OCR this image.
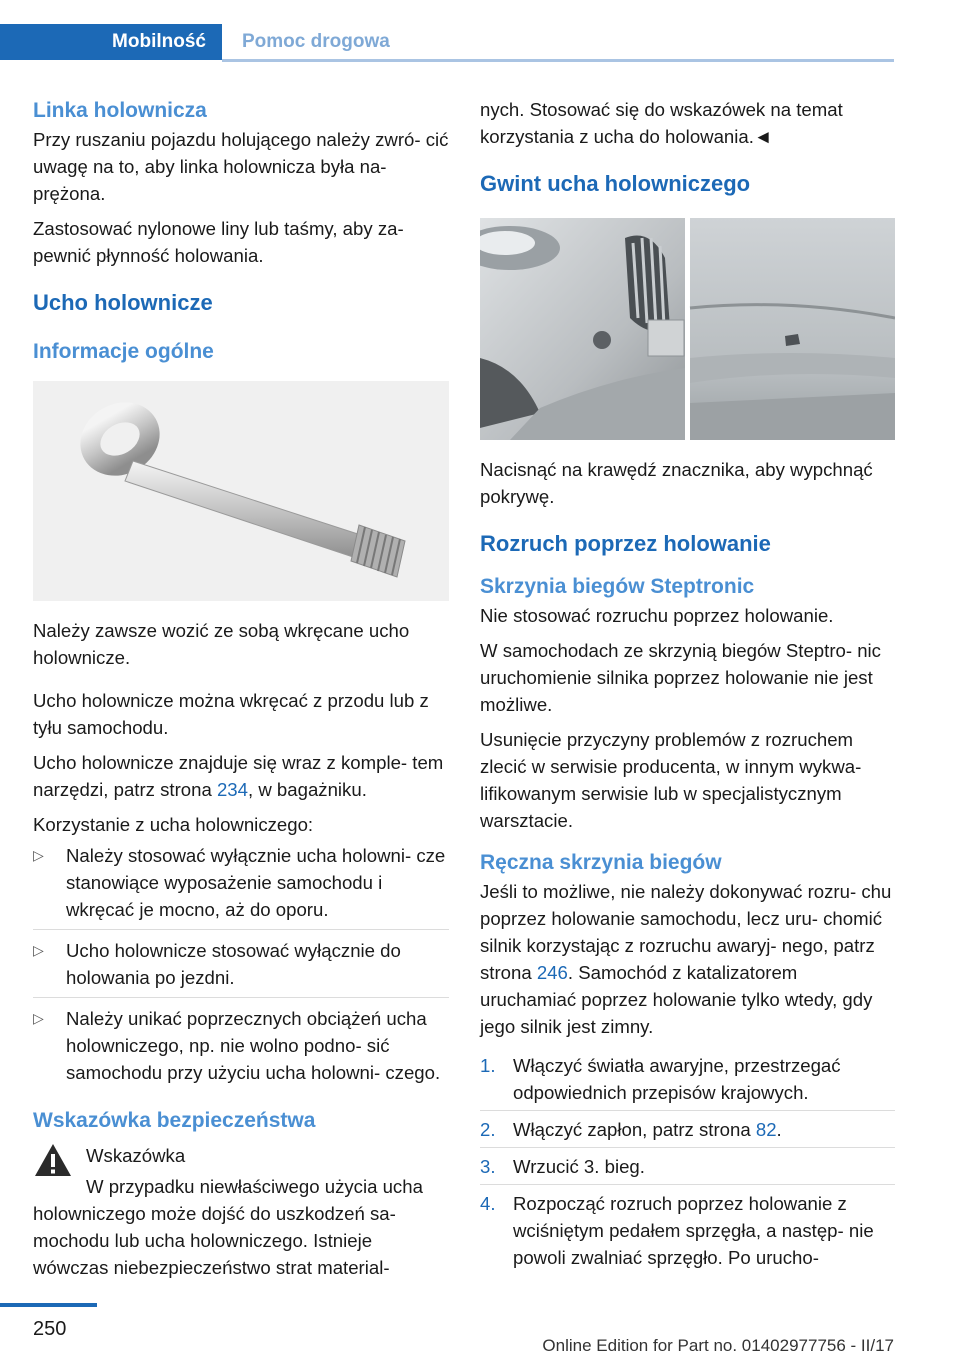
Mobilność	Pomoc drogowa
Linka holownicza

Przy ruszaniu pojazdu holującego należy zwró‐ cić uwagę na to, aby linka holownicza była na‐ prężona.

Zastosować nylonowe liny lub taśmy, aby za‐ pewnić płynność holowania.

Ucho holownicze
Informacje ogólne

Należy zawsze wozić ze sobą wkręcane ucho holownicze.

Ucho holownicze można wkręcać z przodu lub z tyłu samochodu.

Ucho holownicze znajduje się wraz z komple‐ tem narzędzi, patrz strona 234, w bagażniku.

Korzystanie z ucha holowniczego:

▷ Należy stosować wyłącznie ucha holowni‐ cze stanowiące wyposażenie samochodu i wkręcać je mocno, aż do oporu.
▷ Ucho holownicze stosować wyłącznie do holowania po jezdni.
▷ Należy unikać poprzecznych obciążeń ucha holowniczego, np. nie wolno podno‐ sić samochodu przy użyciu ucha holowni‐ czego.
Wskazówka bezpieczeństwa

Wskazówka

W przypadku niewłaściwego użycia ucha

holowniczego może dojść do uszkodzeń sa‐ mochodu lub ucha holowniczego. Istnieje wówczas niebezpieczeństwo strat material‐

nych. Stosować się do wskazówek na temat korzystania z ucha do holowania.◄

Gwint ucha holowniczego

Nacisnąć na krawędź znacznika, aby wypchnąć pokrywę.

Rozruch poprzez holowanie
Skrzynia biegów Steptronic

Nie stosować rozruchu poprzez holowanie.

W samochodach ze skrzynią biegów Steptro‐ nic uruchomienie silnika poprzez holowanie nie jest możliwe.

Usunięcie przyczyny problemów z rozruchem zlecić w serwisie producenta, w innym wykwa‐ lifikowanym serwisie lub w specjalistycznym warsztacie.

Ręczna skrzynia biegów

Jeśli to możliwe, nie należy dokonywać rozru‐ chu poprzez holowanie samochodu, lecz uru‐ chomić silnik korzystając z rozruchu awaryj‐ nego, patrz strona 246. Samochód z katalizatorem uruchamiać poprzez holowanie tylko wtedy, gdy jego silnik jest zimny.

1. Włączyć światła awaryjne, przestrzegać odpowiednich przepisów krajowych.
2. Włączyć zapłon, patrz strona 82.
3. Wrzucić 3. bieg.
4. Rozpocząć rozruch poprzez holowanie z wciśniętym pedałem sprzęgła, a następ‐ nie powoli zwalniać sprzęgło. Po urucho‐
250
Online Edition for Part no. 01402977756 - II/17
